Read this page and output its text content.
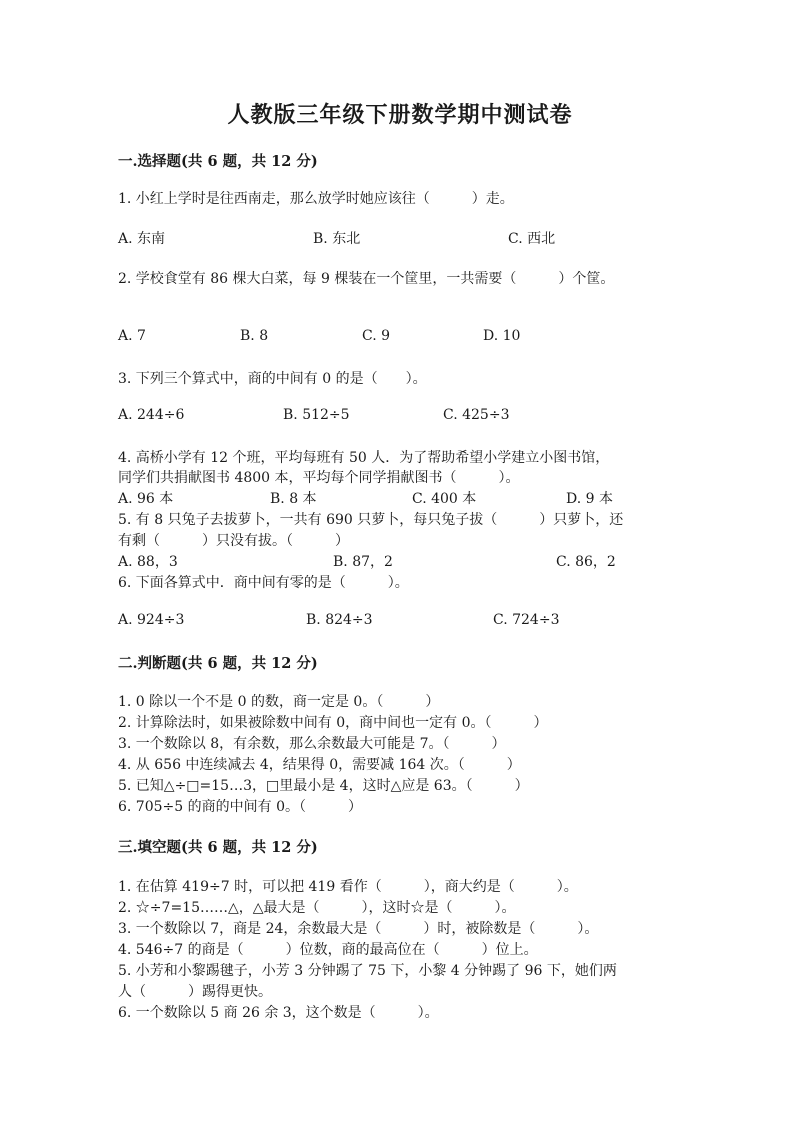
人教版三年级下册数学期中测试卷
一.选择题(共 6 题，共 12 分)
1. 小红上学时是往西南走，那么放学时她应该往（　　　）走。
A. 东南	B. 东北	C. 西北
2. 学校食堂有 86 棵大白菜，每 9 棵装在一个筐里，一共需要（　　　）个筐。
A. 7	B. 8	C. 9	D. 10
3. 下列三个算式中，商的中间有 0 的是（　　）。
A. 244÷6	B. 512÷5	C. 425÷3
4. 高桥小学有 12 个班，平均每班有 50 人．为了帮助希望小学建立小图书馆，
同学们共捐献图书 4800 本，平均每个同学捐献图书（　　　）。
A. 96 本	B. 8 本	C. 400 本	D. 9 本
5. 有 8 只兔子去拔萝卜，一共有 690 只萝卜，每只兔子拔（　　　）只萝卜，还
有剩（　　　）只没有拔。（　　　）
A. 88，3	B. 87，2	C. 86，2
6. 下面各算式中．商中间有零的是（　　　）。
A. 924÷3	B. 824÷3	C. 724÷3
二.判断题(共 6 题，共 12 分)
1. 0 除以一个不是 0 的数，商一定是 0。（　　　）
2. 计算除法时，如果被除数中间有 0，商中间也一定有 0。（　　　）
3. 一个数除以 8，有余数，那么余数最大可能是 7。（　　　）
4. 从 656 中连续减去 4，结果得 0，需要减 164 次。（　　　）
5. 已知△÷□=15…3，□里最小是 4，这时△应是 63。（　　　）
6. 705÷5 的商的中间有 0。（　　　）
三.填空题(共 6 题，共 12 分)
1. 在估算 419÷7 时，可以把 419 看作（　　　），商大约是（　　　）。
2. ☆÷7=15……△，△最大是（　　　），这时☆是（　　　）。
3. 一个数除以 7，商是 24，余数最大是（　　　）时，被除数是（　　　）。
4. 546÷7 的商是（　　　）位数，商的最高位在（　　　）位上。
5. 小芳和小黎踢毽子，小芳 3 分钟踢了 75 下，小黎 4 分钟踢了 96 下，她们两
人（　　　）踢得更快。
6. 一个数除以 5 商 26 余 3，这个数是（　　　）。
